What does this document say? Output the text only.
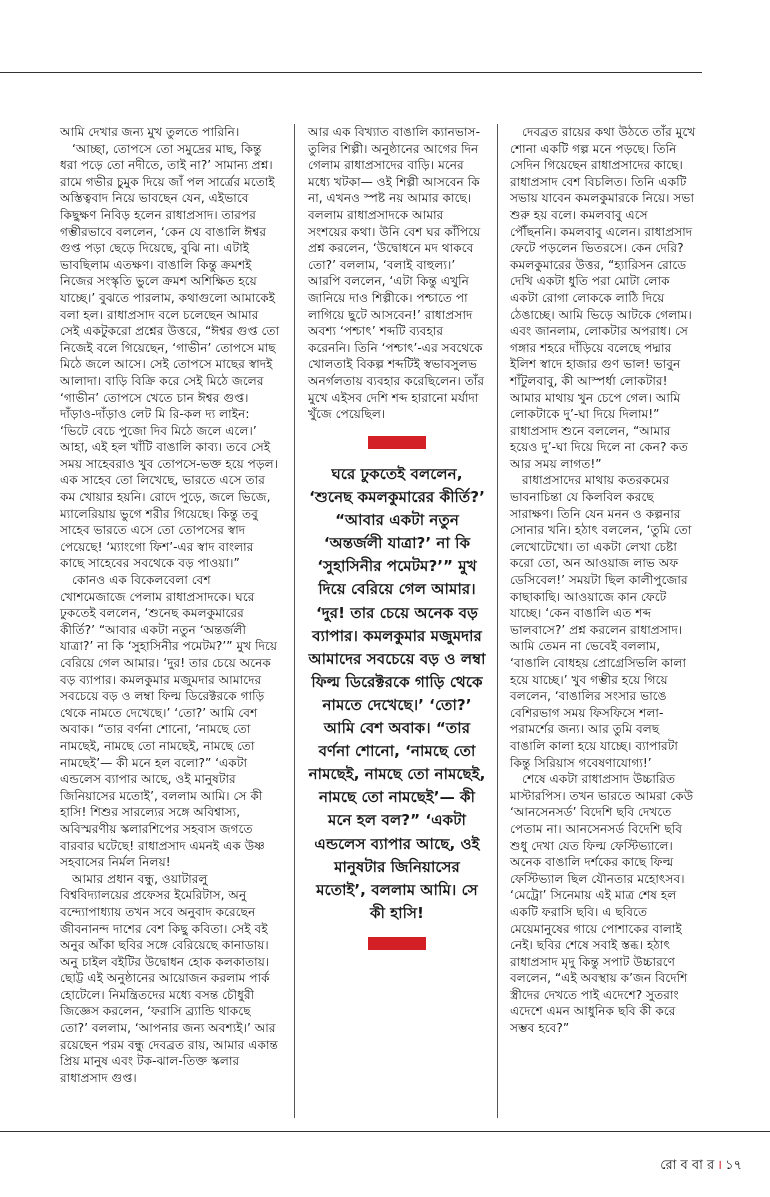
আমি দেখার জন্য মুখ তুলতে পারিনি।

‘আচ্ছা, তোপসে তো সমুদ্রের মাছ, কিন্তু ধরা পড়ে তো নদীতে, তাই না?’ সামান্য প্রশ্ন। রামে গভীর চুমুক দিয়ে জাঁ পল সার্ত্রের মতোই অস্তিত্ববাদ নিয়ে ভাবছেন যেন, এইভাবে কিছুক্ষণ নিবিড় হলেন রাধাপ্রসাদ। তারপর গম্ভীরভাবে বললেন, ‘কেন যে বাঙালি ঈশ্বর গুপ্ত পড়া ছেড়ে দিয়েছে, বুঝি না। এটাই ভাবছিলাম এতক্ষণ। বাঙালি কিন্তু ক্রমশই নিজের সংস্কৃতি ভুলে ক্রমশ অশিক্ষিত হয়ে যাচ্ছে।’ বুঝতে পারলাম, কথাগুলো আমাকেই বলা হল। রাধাপ্রসাদ বলে চলেছেন আমার সেই একটুকরো প্রশ্নের উত্তরে, “ঈশ্বর গুপ্ত তো নিজেই বলে গিয়েছেন, ‘গাভীন’ তোপসে মাছ মিঠে জলে আসে। সেই তোপসে মাছের স্বাদই আলাদা। বাড়ি বিক্রি করে সেই মিঠে জলের ‘গাভীন’ তোপসে খেতে চান ঈশ্বর গুপ্ত। দাঁড়াও-দাঁড়াও লেট মি রি-কল দ্য লাইন: ‘ভিটে বেচে পুজো দিব মিঠে জলে এলে।’ আহা, এই হল খাঁটি বাঙালি কাব্য। তবে সেই সময় সাহেবরাও খুব তোপসে-ভক্ত হয়ে পড়ল। এক সাহেব তো লিখেছে, ভারতে এসে তার কম খোয়ার হয়নি। রোদে পুড়ে, জলে ভিজে, ম্যালেরিয়ায় ভুগে শরীর গিয়েছে। কিন্তু তবু সাহেব ভারতে এসে তো তোপসের স্বাদ পেয়েছে! ‘ম্যাংগো ফিশ’-এর স্বাদ বাংলার কাছে সাহেবের সবথেকে বড় পাওয়া।”

কোনও এক বিকেলবেলা বেশ খোশমেজাজে পেলাম রাধাপ্রসাদকে। ঘরে ঢুকতেই বললেন, ‘শুনেছ কমলকুমারের কীর্তি?’ “আবার একটা নতুন ‘অন্তর্জলী যাত্রা?’ না কি ‘সুহাসিনীর পমেটম?’” মুখ দিয়ে বেরিয়ে গেল আমার। ‘দুর! তার চেয়ে অনেক বড় ব্যাপার। কমলকুমার মজুমদার আমাদের সবচেয়ে বড় ও লম্বা ফিল্ম ডিরেক্টরকে গাড়ি থেকে নামতে দেখেছে।’ ‘তো?’ আমি বেশ অবাক। “তার বর্ণনা শোনো, ‘নামছে তো নামছেই, নামছে তো নামছেই, নামছে তো নামছেই’— কী মনে হল বলো?” ‘একটা এন্ডলেস ব্যাপার আছে, ওই মানুষটার জিনিয়াসের মতোই’, বললাম আমি। সে কী হাসি! শিশুর সারল্যের সঙ্গে অবিশ্বাস্য, অবিস্মরণীয় স্কলারশিপের সহবাস জগতে বারবার ঘটেছে! রাধাপ্রসাদ এমনই এক উষ্ণ সহবাসের নির্মল নিলয়!

আমার প্রধান বন্ধু, ওয়াটারলু বিশ্ববিদ্যালয়ের প্রফেসর ইমেরিটাস, অনু বন্দ্যোপাধ্যায় তখন সবে অনুবাদ করেছেন জীবনানন্দ দাশের বেশ কিছু কবিতা। সেই বই অনুর আঁকা ছবির সঙ্গে বেরিয়েছে কানাডায়। অনু চাইল বইটির উদ্বোধন হোক কলকাতায়। ছোট্ট এই অনুষ্ঠানের আয়োজন করলাম পার্ক হোটেলে। নিমন্ত্রিতদের মধ্যে বসন্ত চৌধুরী জিজ্ঞেস করলেন, ‘ফরাসি ব্র্যান্ডি থাকছে তো?’ বললাম, ‘আপনার জন্য অবশ্যই।’ আর রয়েছেন পরম বন্ধু দেবব্রত রায়, আমার একান্ত প্রিয় মানুষ এবং টক-ঝাল-তিক্ত স্কলার রাধাপ্রসাদ গুপ্ত।

আর এক বিখ্যাত বাঙালি ক্যানভাস-তুলির শিল্পী। অনুষ্ঠানের আগের দিন গেলাম রাধাপ্রসাদের বাড়ি। মনের মধ্যে খটকা— ওই শিল্পী আসবেন কি না, এখনও স্পষ্ট নয় আমার কাছে। বললাম রাধাপ্রসাদকে আমার সংশয়ের কথা। উনি বেশ ঘর কাঁপিয়ে প্রশ্ন করলেন, ‘উদ্বোধনে মদ থাকবে তো?’ বললাম, ‘বলাই বাহুল্য।’ আরপি বললেন, ‘এটা কিন্তু এখুনি জানিয়ে দাও শিল্পীকে। পশ্চাতে পা লাগিয়ে ছুটে আসবেন!’ রাধাপ্রসাদ অবশ্য ‘পশ্চাৎ’ শব্দটি ব্যবহার করেননি। তিনি ‘পশ্চাৎ’-এর সবথেকে খোলতাই বিকল্প শব্দটিই স্বভাবসুলভ অনর্গলতায় ব্যবহার করেছিলেন। তাঁর মুখে এইসব দেশি শব্দ হারানো মর্যাদা খুঁজে পেয়েছিল।

ঘরে ঢুকতেই বললেন, ‘শুনেছ কমলকুমারের কীর্তি?’ “আবার একটা নতুন ‘অন্তর্জলী যাত্রা?’ না কি ‘সুহাসিনীর পমেটম?’” মুখ দিয়ে বেরিয়ে গেল আমার। ‘দুর! তার চেয়ে অনেক বড় ব্যাপার। কমলকুমার মজুমদার আমাদের সবচেয়ে বড় ও লম্বা ফিল্ম ডিরেক্টরকে গাড়ি থেকে নামতে দেখেছে।’ ‘তো?’ আমি বেশ অবাক। “তার বর্ণনা শোনো, ‘নামছে তো নামছেই, নামছে তো নামছেই, নামছে তো নামছেই’— কী মনে হল বল?” ‘একটা এন্ডলেস ব্যাপার আছে, ওই মানুষটার জিনিয়াসের মতোই’, বললাম আমি। সে কী হাসি!

দেবব্রত রায়ের কথা উঠতে তাঁর মুখে শোনা একটি গল্প মনে পড়ছে। তিনি সেদিন গিয়েছেন রাধাপ্রসাদের কাছে। রাধাপ্রসাদ বেশ বিচলিত। তিনি একটি সভায় যাবেন কমলকুমারকে নিয়ে। সভা শুরু হয় বলে। কমলবাবু এসে পৌঁছননি। কমলবাবু এলেন। রাধাপ্রসাদ ফেটে পড়লেন ভিতরসে। কেন দেরি? কমলকুমারের উত্তর, “হ্যারিসন রোডে দেখি একটা ধুতি পরা মোটা লোক একটা রোগা লোককে লাঠি দিয়ে ঠেঙাচ্ছে। আমি ভিড়ে আটকে গেলাম। এবং জানলাম, লোকটার অপরাধ। সে গঙ্গার শহরে দাঁড়িয়ে বলেছে পদ্মার ইলিশ স্বাদে হাজার গুণ ভাল! ভাবুন শাঁটুলবাবু, কী আস্পর্ধা লোকটার! আমার মাথায় খুন চেপে গেল। আমি লোকটাকে দু’-ঘা দিয়ে দিলাম!” রাধাপ্রসাদ শুনে বললেন, “আমার হয়েও দু’-ঘা দিয়ে দিলে না কেন? কত আর সময় লাগত!”

রাধাপ্রসাদের মাথায় কতরকমের ভাবনাচিন্তা যে কিলবিল করছে সারাক্ষণ। তিনি যেন মনন ও কল্পনার সোনার খনি। হঠাৎ বললেন, ‘তুমি তো লেখোটেখো। তা একটা লেখা চেষ্টা করো তো, অন আওয়াজ লাভ অফ ডেসিবেল!’ সময়টা ছিল কালীপুজোর কাছাকাছি। আওয়াজে কান ফেটে যাচ্ছে। ‘কেন বাঙালি এত শব্দ ভালবাসে?’ প্রশ্ন করলেন রাধাপ্রসাদ। আমি তেমন না ভেবেই বললাম, ‘বাঙালি বোধহয় প্রোগ্রেসিভলি কালা হয়ে যাচ্ছে।’ খুব গম্ভীর হয়ে গিয়ে বললেন, ‘বাঙালির সংসার ভাঙে বেশিরভাগ সময় ফিসফিসে শলা-পরামর্শের জন্য। আর তুমি বলছ বাঙালি কালা হয়ে যাচ্ছে। ব্যাপারটা কিন্তু সিরিয়াস গবেষণাযোগ্য!’

শেষে একটা রাধাপ্রসাদ উচ্চারিত মাস্টারপিস। তখন ভারতে আমরা কেউ ‘আনসেনসর্ড’ বিদেশি ছবি দেখতে পেতাম না। আনসেনসর্ড বিদেশি ছবি শুধু দেখা যেত ফিল্ম ফেস্টিভ্যালে। অনেক বাঙালি দর্শকের কাছে ফিল্ম ফেস্টিভ্যাল ছিল যৌনতার মহোৎসব। ‘মেট্রো’ সিনেমায় এই মাত্র শেষ হল একটি ফরাসি ছবি। এ ছবিতে মেয়েমানুষের গায়ে পোশাকের বালাই নেই। ছবির শেষে সবাই স্তব্ধ। হঠাৎ রাধাপ্রসাদ মৃদু কিন্তু সপাট উচ্চারণে বললেন, “এই অবস্থায় ক’জন বিদেশি স্ত্রীদের দেখতে পাই এদেশে? সুতরাং এদেশে এমন আধুনিক ছবি কী করে সম্ভব হবে?”

রো ব বা র । ১৭
